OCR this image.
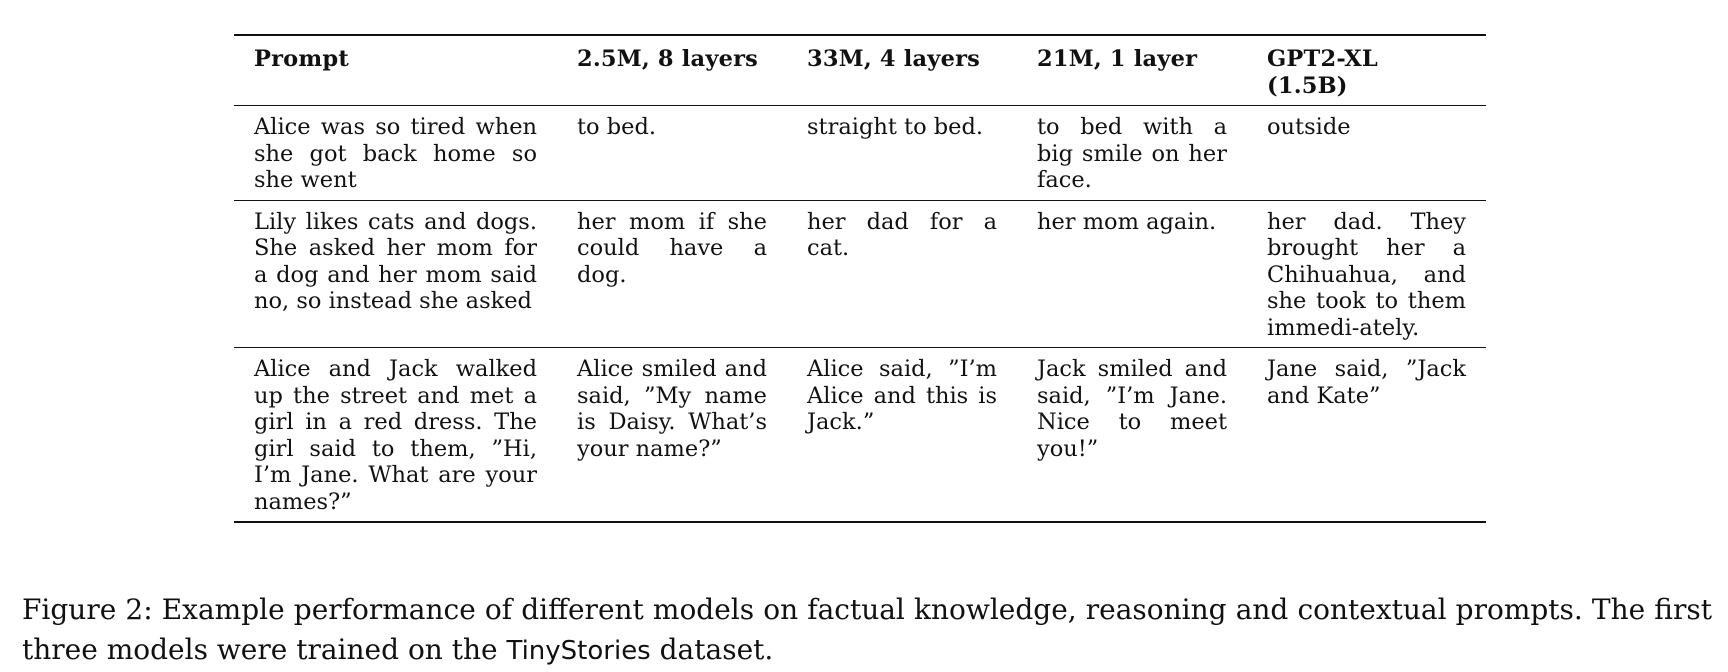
Prompt	2.5M, 8 layers	33M, 4 layers	21M, 1 layer	GPT2-XL (1.5B)
Alice was so tired when she got back home so she went	to bed.	straight to bed.	to bed with a big smile on her face.	outside
Lily likes cats and dogs. She asked her mom for a dog and her mom said no, so instead she asked	her mom if she could have a dog.	her dad for a cat.	her mom again.	her dad. They brought her a Chihuahua, and she took to them immedi-ately.
Alice and Jack walked up the street and met a girl in a red dress. The girl said to them, ”Hi, I’m Jane. What are your names?”	Alice smiled and said, ”My name is Daisy. What’s your name?”	Alice said, ”I’m Alice and this is Jack.”	Jack smiled and said, ”I’m Jane. Nice to meet you!”	Jane said, ”Jack and Kate”
Figure 2: Example performance of different models on factual knowledge, reasoning and contextual prompts. The first three models were trained on the TinyStories dataset.
